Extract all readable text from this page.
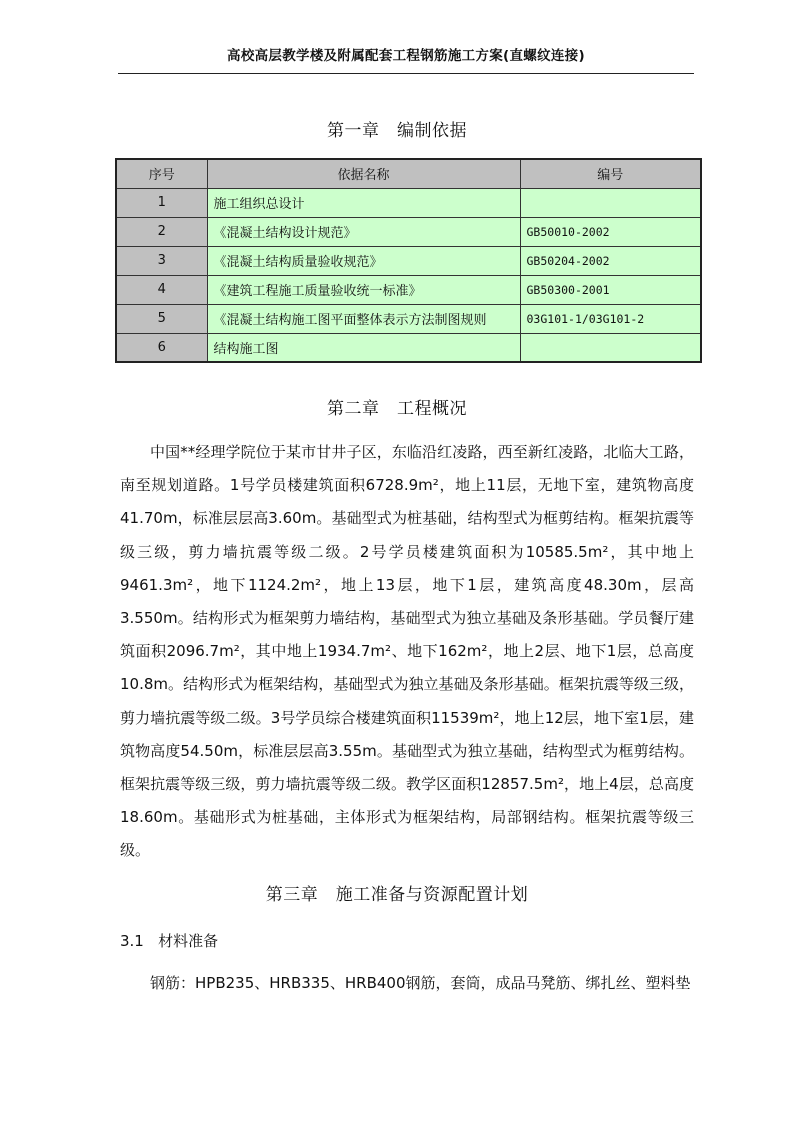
高校高层教学楼及附属配套工程钢筋施工方案(直螺纹连接)
第一章　编制依据
序号	依据名称	编号
1	施工组织总设计	
2	《混凝土结构设计规范》	GB50010-2002
3	《混凝土结构质量验收规范》	GB50204-2002
4	《建筑工程施工质量验收统一标准》	GB50300-2001
5	《混凝土结构施工图平面整体表示方法制图规则	03G101-1/03G101-2
6	结构施工图	
第二章　工程概况

中国**经理学院位于某市甘井子区，东临沿红凌路，西至新红凌路，北临大工路，南至规划道路。1号学员楼建筑面积6728.9m²，地上11层，无地下室，建筑物高度41.70m，标准层层高3.60m。基础型式为桩基础，结构型式为框剪结构。框架抗震等级三级，剪力墙抗震等级二级。2号学员楼建筑面积为10585.5m²，其中地上9461.3m²，地下1124.2m²，地上13层，地下1层，建筑高度48.30m，层高3.550m。结构形式为框架剪力墙结构，基础型式为独立基础及条形基础。学员餐厅建筑面积2096.7m²，其中地上1934.7m²、地下162m²，地上2层、地下1层，总高度10.8m。结构形式为框架结构，基础型式为独立基础及条形基础。框架抗震等级三级，剪力墙抗震等级二级。3号学员综合楼建筑面积11539m²，地上12层，地下室1层，建筑物高度54.50m，标准层层高3.55m。基础型式为独立基础，结构型式为框剪结构。框架抗震等级三级，剪力墙抗震等级二级。教学区面积12857.5m²，地上4层，总高度18.60m。基础形式为桩基础，主体形式为框架结构，局部钢结构。框架抗震等级三级。

第三章　施工准备与资源配置计划
3.1 材料准备

钢筋：HPB235、HRB335、HRB400钢筋，套筒，成品马凳筋、绑扎丝、塑料垫
